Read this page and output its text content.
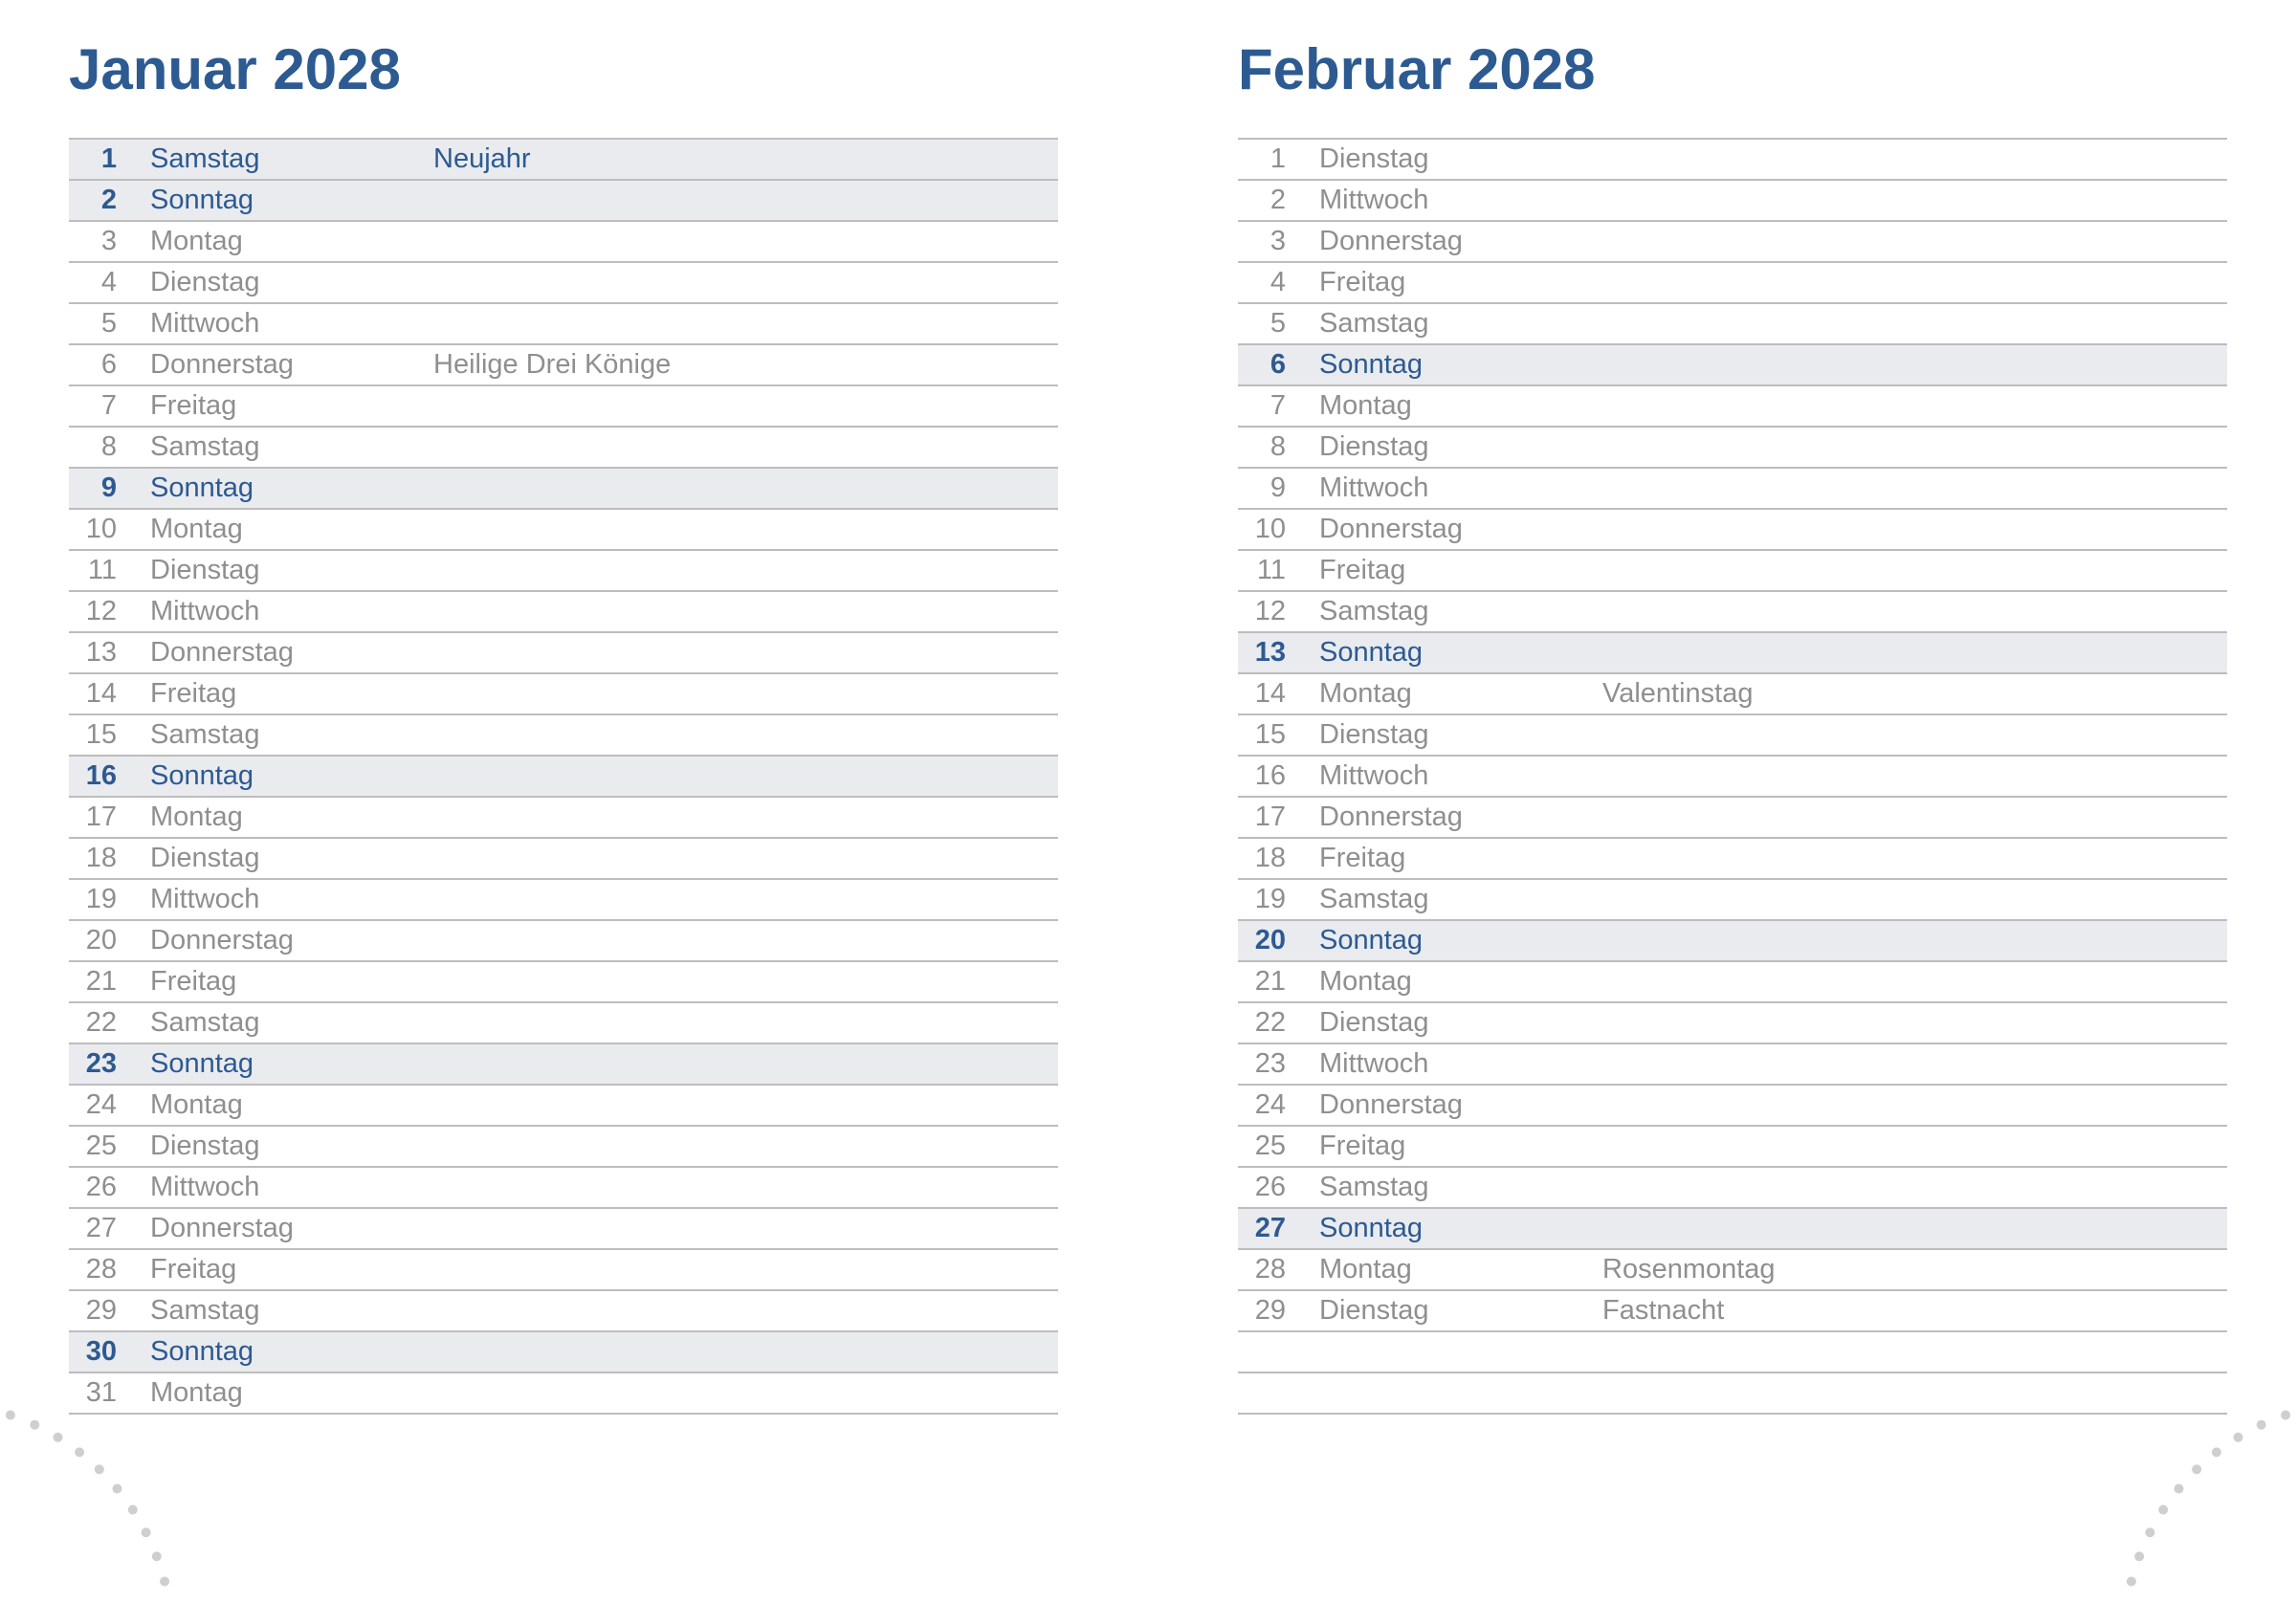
Januar 2028
1 Samstag	Neujahr
2 Sonntag
3 Montag
4 Dienstag
5 Mittwoch
6 Donnerstag	Heilige Drei Könige
7 Freitag
8 Samstag
9 Sonntag
10 Montag
11 Dienstag
12 Mittwoch
13 Donnerstag
14 Freitag
15 Samstag
16 Sonntag
17 Montag
18 Dienstag
19 Mittwoch
20 Donnerstag
21 Freitag
22 Samstag
23 Sonntag
24 Montag
25 Dienstag
26 Mittwoch
27 Donnerstag
28 Freitag
29 Samstag
30 Sonntag
31 Montag
Februar 2028
1 Dienstag
2 Mittwoch
3 Donnerstag
4 Freitag
5 Samstag
6 Sonntag
7 Montag
8 Dienstag
9 Mittwoch
10 Donnerstag
11 Freitag
12 Samstag
13 Sonntag
14 Montag	Valentinstag
15 Dienstag
16 Mittwoch
17 Donnerstag
18 Freitag
19 Samstag
20 Sonntag
21 Montag
22 Dienstag
23 Mittwoch
24 Donnerstag
25 Freitag
26 Samstag
27 Sonntag
28 Montag	Rosenmontag
29 Dienstag	Fastnacht
